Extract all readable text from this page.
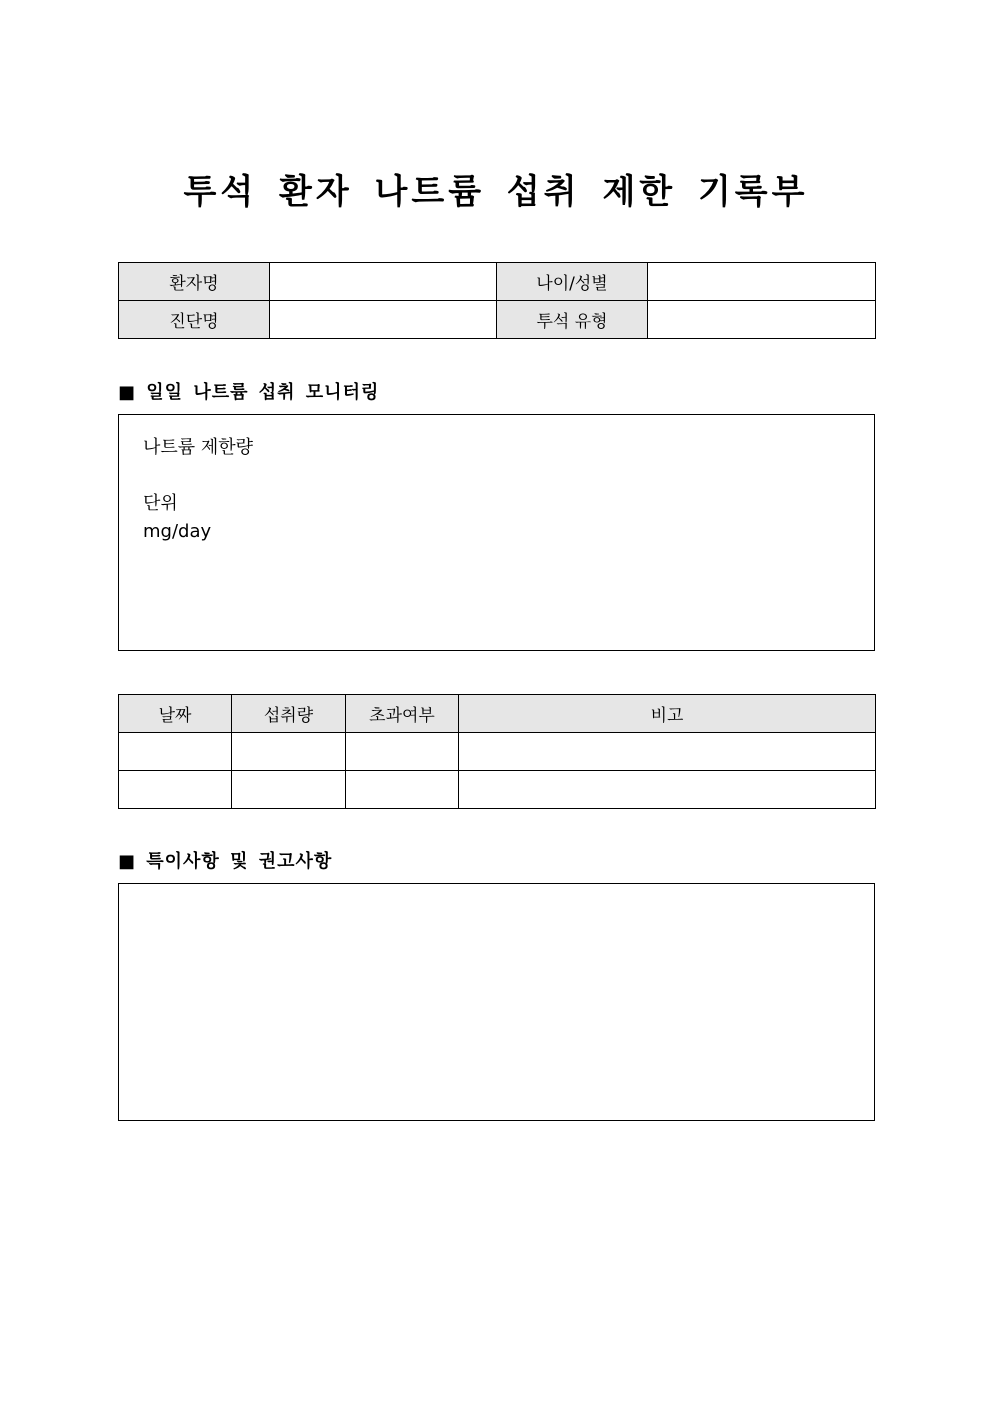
투석 환자 나트륨 섭취 제한 기록부
환자명		나이/성별	
진단명		투석 유형	
■ 일일 나트륨 섭취 모니터링
나트륨 제한량
단위
mg/day
날짜	섭취량	초과여부	비고

■ 특이사항 및 권고사항
